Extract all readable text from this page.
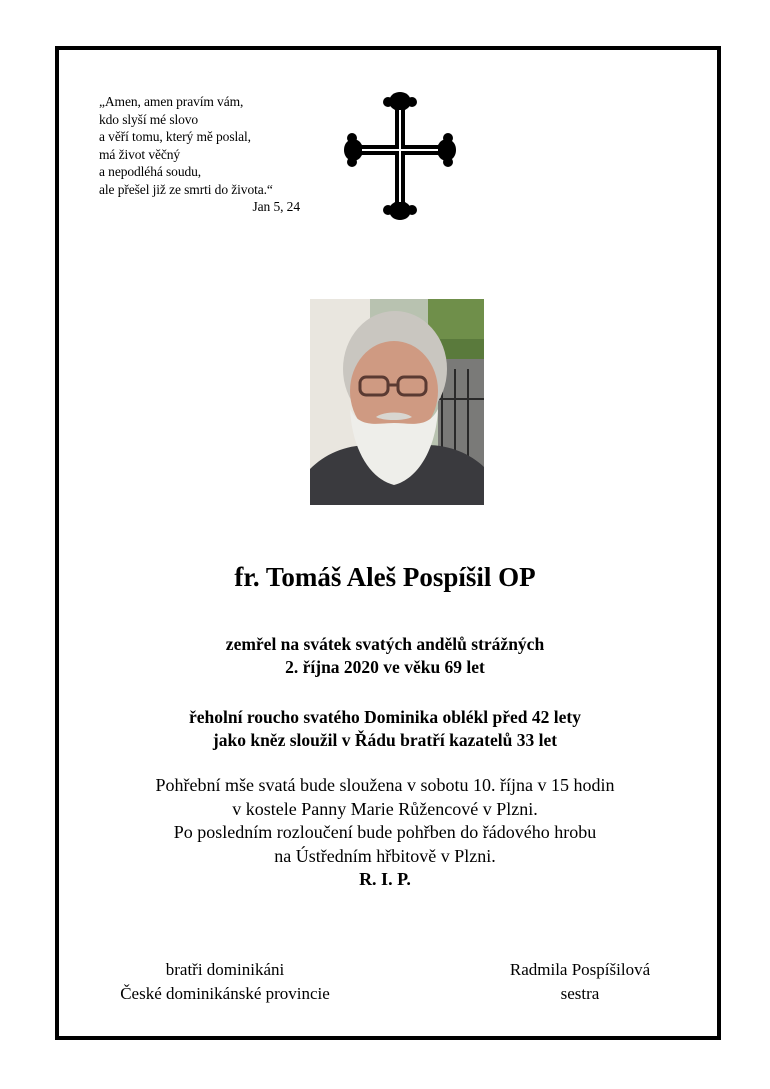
„Amen, amen pravím vám,
kdo slyší mé slovo
a věří tomu, který mě poslal,
má život věčný
a nepodléhá soudu,
ale přešel již ze smrti do života.“
Jan 5, 24
fr. Tomáš Aleš Pospíšil OP
zemřel na svátek svatých andělů strážných
2. října 2020 ve věku 69 let
řeholní roucho svatého Dominika oblékl před 42 lety
jako kněz sloužil v Řádu bratří kazatelů 33 let
Pohřební mše svatá bude sloužena v sobotu 10. října v 15 hodin
v kostele Panny Marie Růžencové v Plzni.
Po posledním rozloučení bude pohřben do řádového hrobu
na Ústředním hřbitově v Plzni.
R. I. P.
bratři dominikáni
České dominikánské provincie
Radmila Pospíšilová
sestra
